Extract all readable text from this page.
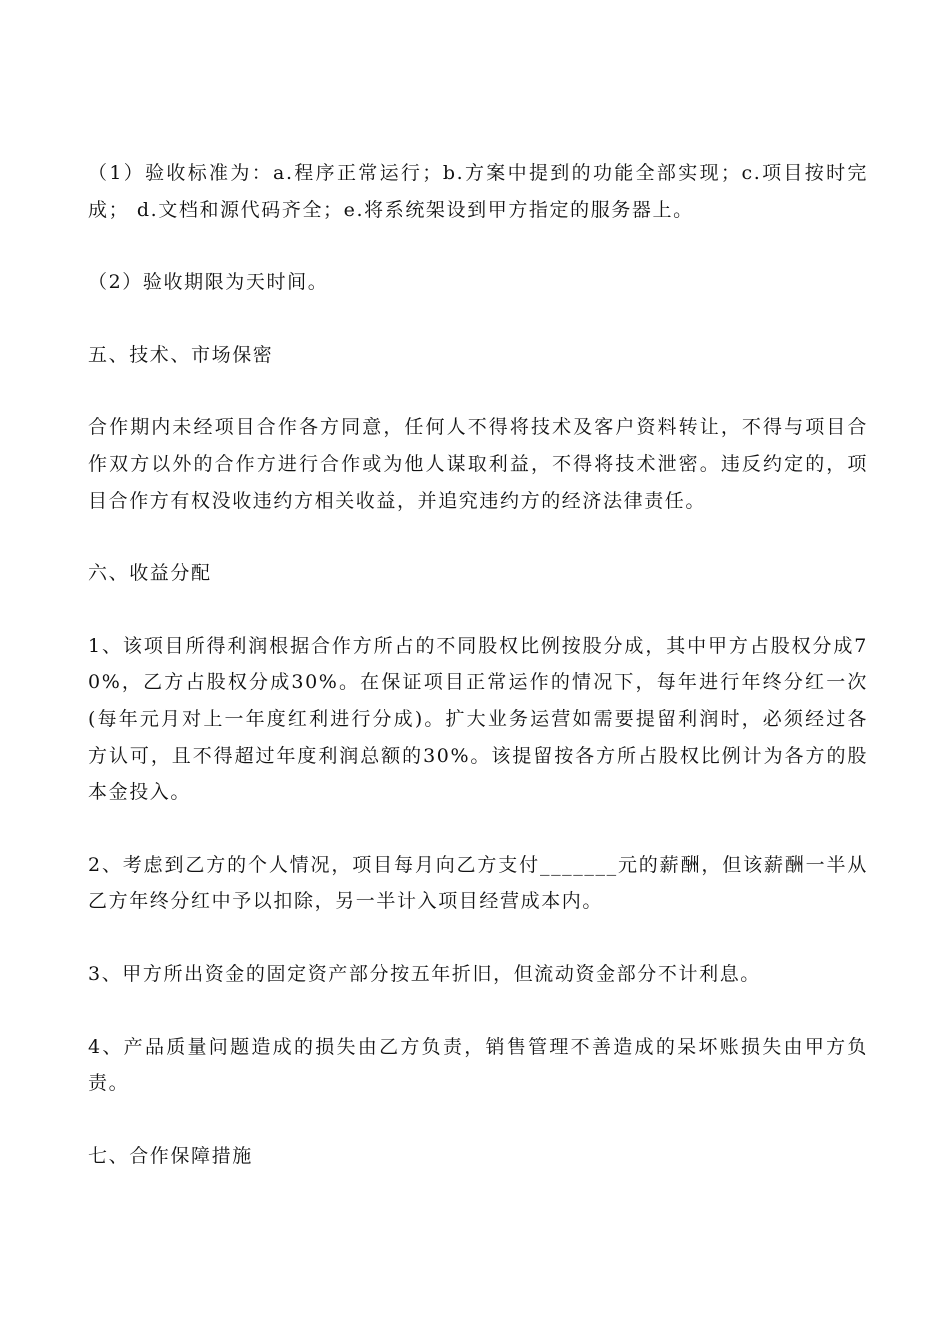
（1）验收标准为：a.程序正常运行；b.方案中提到的功能全部实现；c.项目按时完成； d.文档和源代码齐全；e.将系统架设到甲方指定的服务器上。

（2）验收期限为天时间。

五、技术、市场保密

合作期内未经项目合作各方同意，任何人不得将技术及客户资料转让，不得与项目合作双方以外的合作方进行合作或为他人谋取利益，不得将技术泄密。违反约定的，项目合作方有权没收违约方相关收益，并追究违约方的经济法律责任。

六、收益分配

1、该项目所得利润根据合作方所占的不同股权比例按股分成，其中甲方占股权分成70%，乙方占股权分成30%。在保证项目正常运作的情况下，每年进行年终分红一次(每年元月对上一年度红利进行分成)。扩大业务运营如需要提留利润时，必须经过各方认可，且不得超过年度利润总额的30%。该提留按各方所占股权比例计为各方的股本金投入。

2、考虑到乙方的个人情况，项目每月向乙方支付_______元的薪酬，但该薪酬一半从乙方年终分红中予以扣除，另一半计入项目经营成本内。

3、甲方所出资金的固定资产部分按五年折旧，但流动资金部分不计利息。

4、产品质量问题造成的损失由乙方负责，销售管理不善造成的呆坏账损失由甲方负责。

七、合作保障措施
